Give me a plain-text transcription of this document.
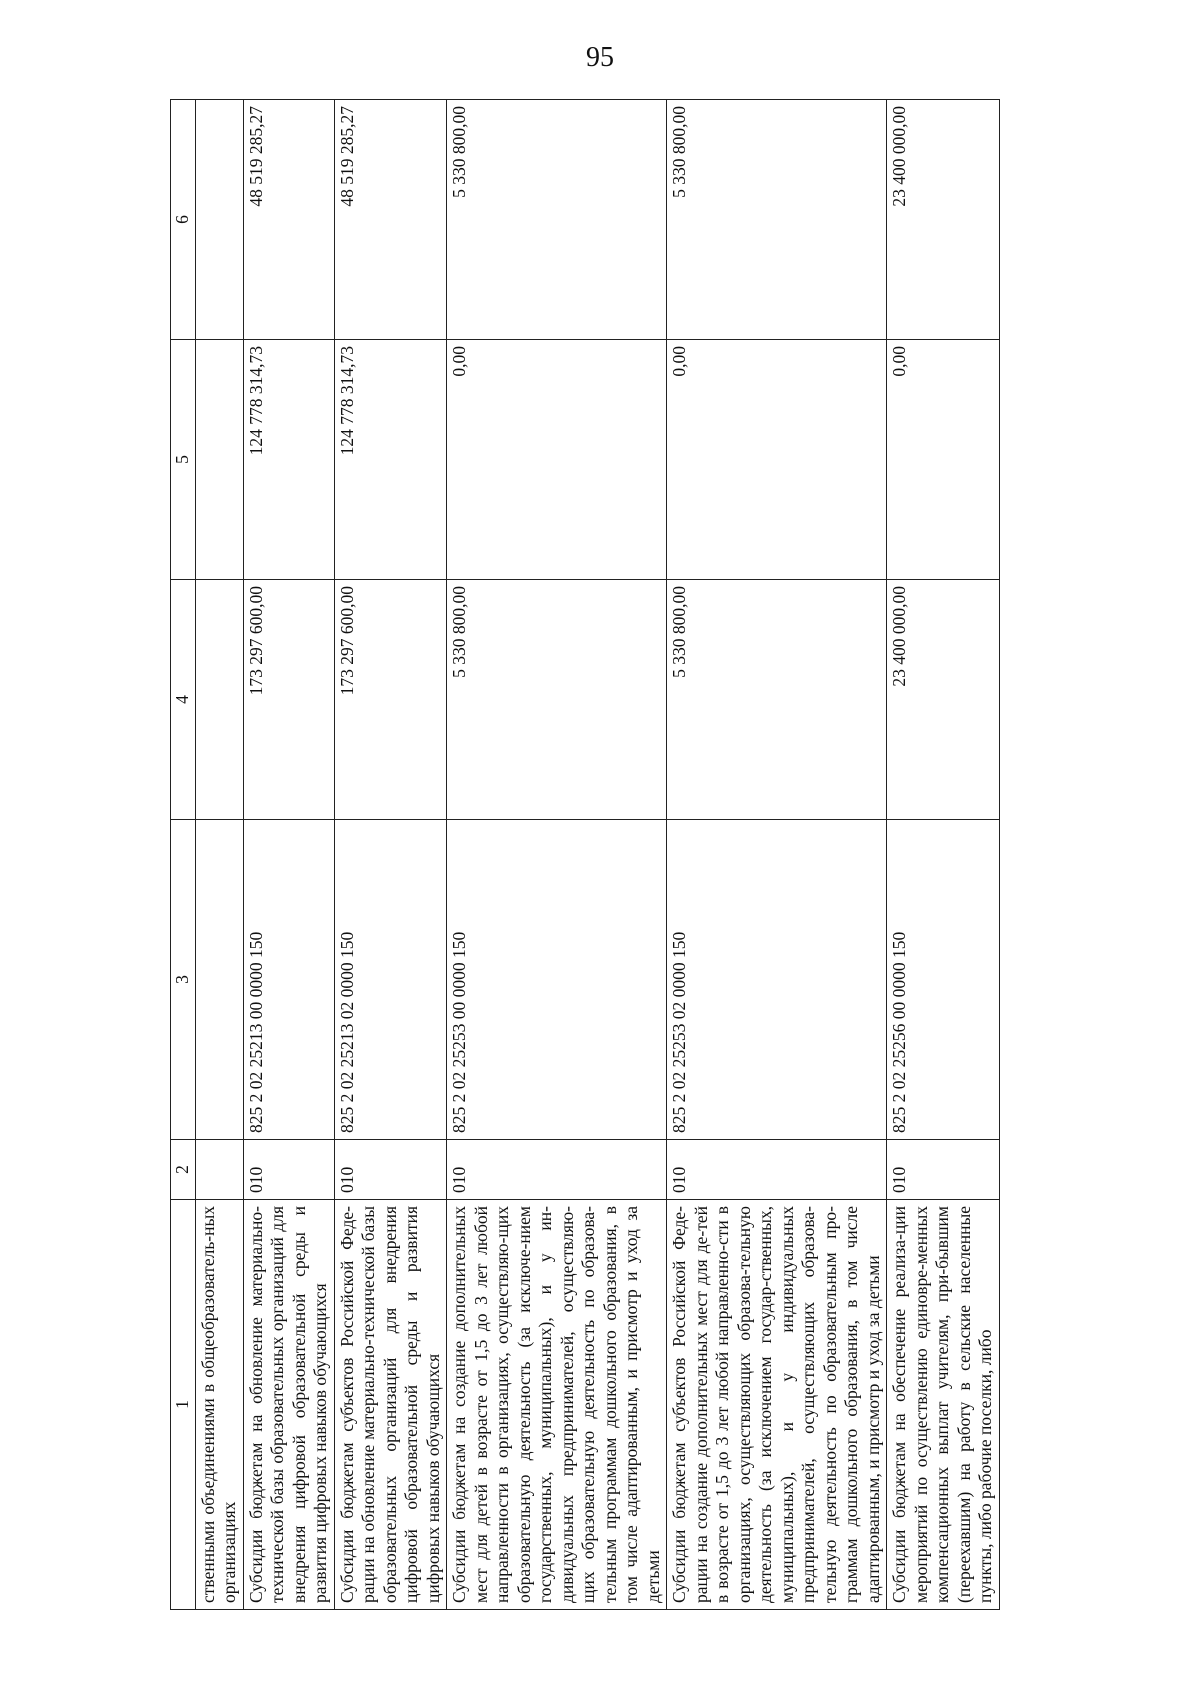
95
1	2	3	4	5	6
ственными объединениями в общеобразователь-ных организациях					
Субсидии бюджетам на обновление материально-технической базы образовательных организаций для внедрения цифровой образовательной среды и развития цифровых навыков обучающихся	010	825 2 02 25213 00 0000 150	173 297 600,00	124 778 314,73	48 519 285,27
Субсидии бюджетам субъектов Российской Феде-рации на обновление материально-технической базы образовательных организаций для внедрения цифровой образовательной среды и развития цифровых навыков обучающихся	010	825 2 02 25213 02 0000 150	173 297 600,00	124 778 314,73	48 519 285,27
Субсидии бюджетам на создание дополнительных мест для детей в возрасте от 1,5 до 3 лет любой направленности в организациях, осуществляю-щих образовательную деятельность (за исключе-нием государственных, муниципальных), и у ин-дивидуальных предпринимателей, осуществляю-щих образовательную деятельность по образова-тельным программам дошкольного образования, в том числе адаптированным, и присмотр и уход за детьми	010	825 2 02 25253 00 0000 150	5 330 800,00	0,00	5 330 800,00
Субсидии бюджетам субъектов Российской Феде-рации на создание дополнительных мест для де-тей в возрасте от 1,5 до 3 лет любой направленно-сти в организациях, осуществляющих образова-тельную деятельность (за исключением государ-ственных, муниципальных), и у индивидуальных предпринимателей, осуществляющих образова-тельную деятельность по образовательным про-граммам дошкольного образования, в том числе адаптированным, и присмотр и уход за детьми	010	825 2 02 25253 02 0000 150	5 330 800,00	0,00	5 330 800,00
Субсидии бюджетам на обеспечение реализа-ции мероприятий по осуществлению единовре-менных компенсационных выплат учителям, при-бывшим (переехавшим) на работу в сельские населенные пункты, либо рабочие поселки, либо	010	825 2 02 25256 00 0000 150	23 400 000,00	0,00	23 400 000,00
